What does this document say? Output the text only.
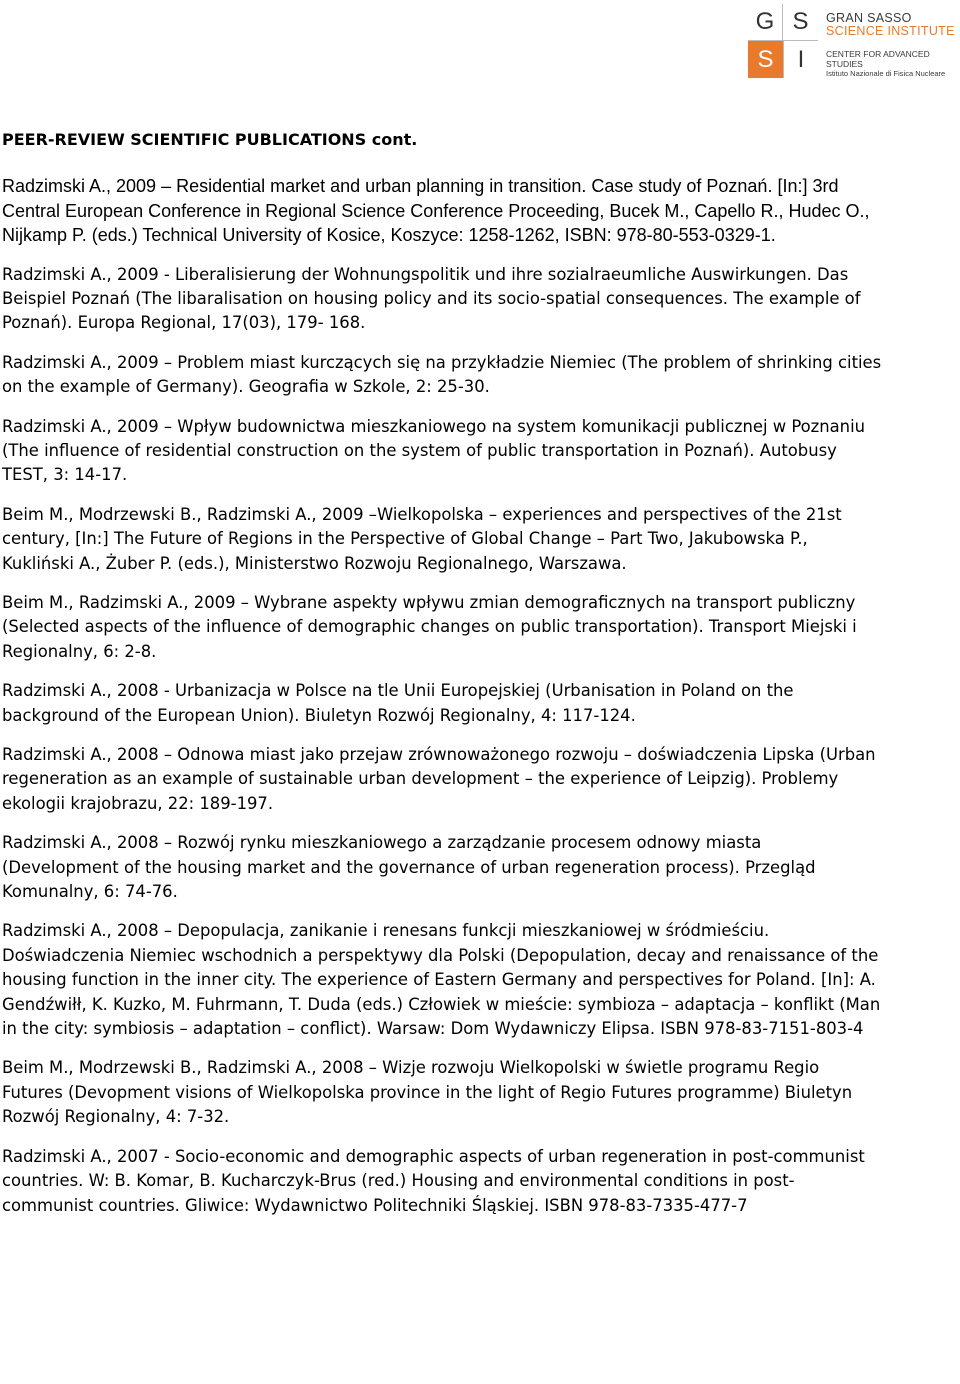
G S
S	I
GRAN SASSO
SCIENCE INSTITUTE
CENTER FOR ADVANCED STUDIES
Istituto Nazionale di Fisica Nucleare
PEER-REVIEW SCIENTIFIC PUBLICATIONS cont.

Radzimski A., 2009 – Residential market and urban planning in transition. Case study of Poznań. [In:] 3rd Central European Conference in Regional Science Conference Proceeding, Bucek M., Capello R., Hudec O., Nijkamp P. (eds.) Technical University of Kosice, Koszyce: 1258-1262, ISBN: 978-80-553-0329-1.

Radzimski A., 2009 - Liberalisierung der Wohnungspolitik und ihre sozialraeumliche Auswirkungen. Das Beispiel Poznań (The libaralisation on housing policy and its socio-spatial consequences. The example of Poznań). Europa Regional, 17(03), 179- 168.

Radzimski A., 2009 – Problem miast kurczących się na przykładzie Niemiec (The problem of shrinking cities on the example of Germany). Geografia w Szkole, 2: 25-30.

Radzimski A., 2009 – Wpływ budownictwa mieszkaniowego na system komunikacji publicznej w Poznaniu (The influence of residential construction on the system of public transportation in Poznań). Autobusy TEST, 3: 14-17.

Beim M., Modrzewski B., Radzimski A., 2009 –Wielkopolska – experiences and perspectives of the 21st century, [In:] The Future of Regions in the Perspective of Global Change – Part Two, Jakubowska P., Kukliński A., Żuber P. (eds.), Ministerstwo Rozwoju Regionalnego, Warszawa.

Beim M., Radzimski A., 2009 – Wybrane aspekty wpływu zmian demograficznych na transport publiczny (Selected aspects of the influence of demographic changes on public transportation). Transport Miejski i Regionalny, 6: 2-8.

Radzimski A., 2008 - Urbanizacja w Polsce na tle Unii Europejskiej (Urbanisation in Poland on the background of the European Union). Biuletyn Rozwój Regionalny, 4: 117-124.

Radzimski A., 2008 – Odnowa miast jako przejaw zrównoważonego rozwoju – doświadczenia Lipska (Urban regeneration as an example of sustainable urban development – the experience of Leipzig). Problemy ekologii krajobrazu, 22: 189-197.

Radzimski A., 2008 – Rozwój rynku mieszkaniowego a zarządzanie procesem odnowy miasta (Development of the housing market and the governance of urban regeneration process). Przegląd Komunalny, 6: 74-76.

Radzimski A., 2008 – Depopulacja, zanikanie i renesans funkcji mieszkaniowej w śródmieściu. Doświadczenia Niemiec wschodnich a perspektywy dla Polski (Depopulation, decay and renaissance of the housing function in the inner city. The experience of Eastern Germany and perspectives for Poland. [In]: A. Gendźwiłł, K. Kuzko, M. Fuhrmann, T. Duda (eds.) Człowiek w mieście: symbioza – adaptacja – konflikt (Man in the city: symbiosis – adaptation – conflict). Warsaw: Dom Wydawniczy Elipsa. ISBN 978-83-7151-803-4

Beim M., Modrzewski B., Radzimski A., 2008 – Wizje rozwoju Wielkopolski w świetle programu Regio Futures (Devopment visions of Wielkopolska province in the light of Regio Futures programme) Biuletyn Rozwój Regionalny, 4: 7-32.

Radzimski A., 2007 - Socio-economic and demographic aspects of urban regeneration in post-communist countries. W: B. Komar, B. Kucharczyk-Brus (red.) Housing and environmental conditions in post-communist countries. Gliwice: Wydawnictwo Politechniki Śląskiej. ISBN 978-83-7335-477-7
